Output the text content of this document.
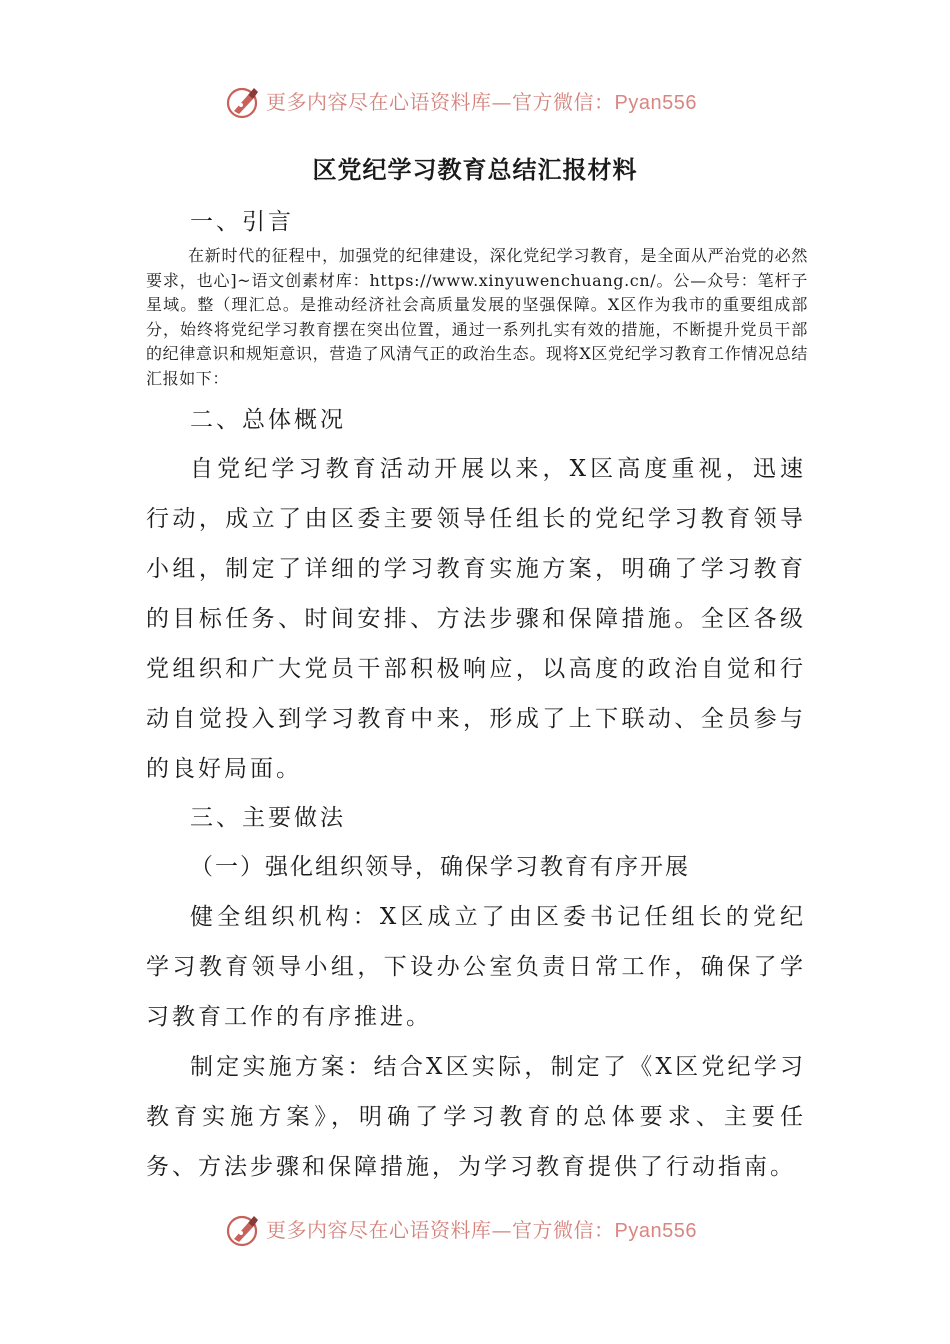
更多内容尽在心语资料库—官方微信：Pyan556
区党纪学习教育总结汇报材料
一、引言
在新时代的征程中，加强党的纪律建设，深化党纪学习教育，是全面从严治党的必然要求，也心]~语文创素材库：https://www.xinyuwenchuang.cn/。公—众号：笔杆子星域。整（理汇总。是推动经济社会高质量发展的坚强保障。X区作为我市的重要组成部分，始终将党纪学习教育摆在突出位置，通过一系列扎实有效的措施，不断提升党员干部的纪律意识和规矩意识，营造了风清气正的政治生态。现将X区党纪学习教育工作情况总结汇报如下：
二、总体概况
自党纪学习教育活动开展以来，X区高度重视，迅速行动，成立了由区委主要领导任组长的党纪学习教育领导小组，制定了详细的学习教育实施方案，明确了学习教育的目标任务、时间安排、方法步骤和保障措施。全区各级党组织和广大党员干部积极响应，以高度的政治自觉和行动自觉投入到学习教育中来，形成了上下联动、全员参与的良好局面。
三、主要做法
（一）强化组织领导，确保学习教育有序开展
健全组织机构：X区成立了由区委书记任组长的党纪学习教育领导小组，下设办公室负责日常工作，确保了学习教育工作的有序推进。
制定实施方案：结合X区实际，制定了《X区党纪学习教育实施方案》，明确了学习教育的总体要求、主要任务、方法步骤和保障措施，为学习教育提供了行动指南。
更多内容尽在心语资料库—官方微信：Pyan556
